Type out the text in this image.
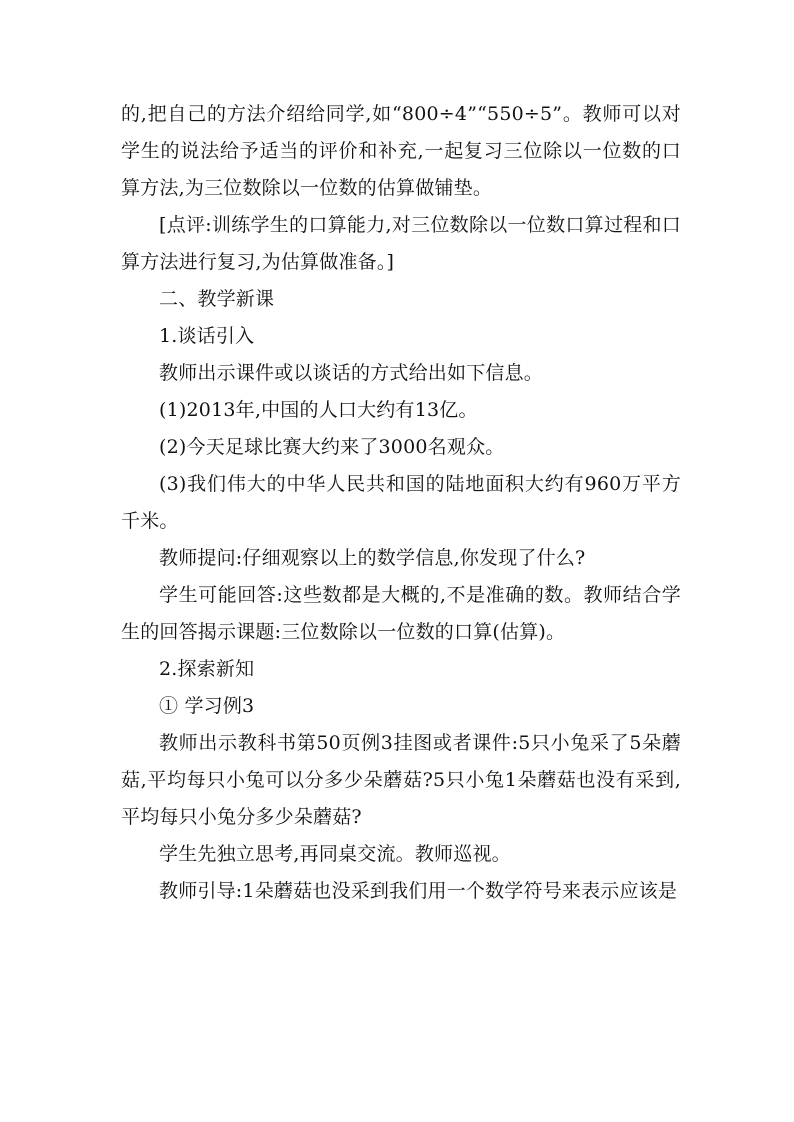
的,把自己的方法介绍给同学,如“800÷4”“550÷5”。教师可以对学生的说法给予适当的评价和补充,一起复习三位除以一位数的口算方法,为三位数除以一位数的估算做铺垫。

[点评:训练学生的口算能力,对三位数除以一位数口算过程和口算方法进行复习,为估算做准备。]

二、教学新课

1.谈话引入

教师出示课件或以谈话的方式给出如下信息。

(1)2013年,中国的人口大约有13亿。

(2)今天足球比赛大约来了3000名观众。

(3)我们伟大的中华人民共和国的陆地面积大约有960万平方千米。

教师提问:仔细观察以上的数学信息,你发现了什么?

学生可能回答:这些数都是大概的,不是准确的数。教师结合学生的回答揭示课题:三位数除以一位数的口算(估算)。

2.探索新知

① 学习例3

教师出示教科书第50页例3挂图或者课件:5只小兔采了5朵蘑菇,平均每只小兔可以分多少朵蘑菇?5只小兔1朵蘑菇也没有采到,平均每只小兔分多少朵蘑菇?

学生先独立思考,再同桌交流。教师巡视。

教师引导:1朵蘑菇也没采到我们用一个数学符号来表示应该是
